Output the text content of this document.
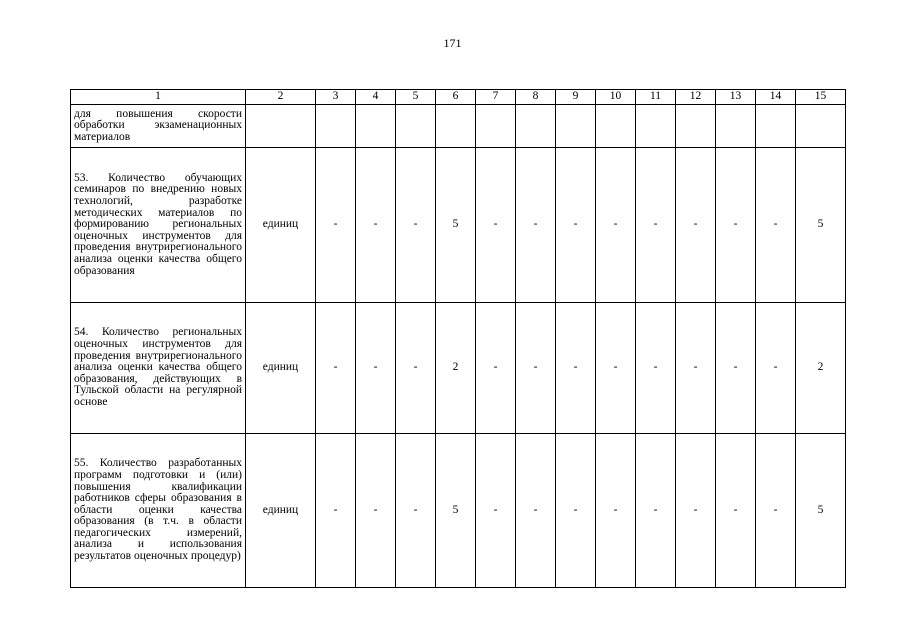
171
1	2	3	4	5	6	7	8	9	10	11	12	13	14	15
для повышения скорости обработки экзаменационных материалов														
53. Количество обучающих семинаров по внедрению новых технологий, разработке методических материалов по формированию региональных оценочных инструментов для проведения внутрирегионального анализа оценки качества общего образования	единиц	-	-	-	5	-	-	-	-	-	-	-	-	5
54. Количество региональных оценочных инструментов для проведения внутрирегионального анализа оценки качества общего образования, действующих в Тульской области на регулярной основе	единиц	-	-	-	2	-	-	-	-	-	-	-	-	2
55. Количество разработанных программ подготовки и (или) повышения квалификации работников сферы образования в области оценки качества образования (в т.ч. в области педагогических измерений, анализа и использования результатов оценочных процедур)	единиц	-	-	-	5	-	-	-	-	-	-	-	-	5
